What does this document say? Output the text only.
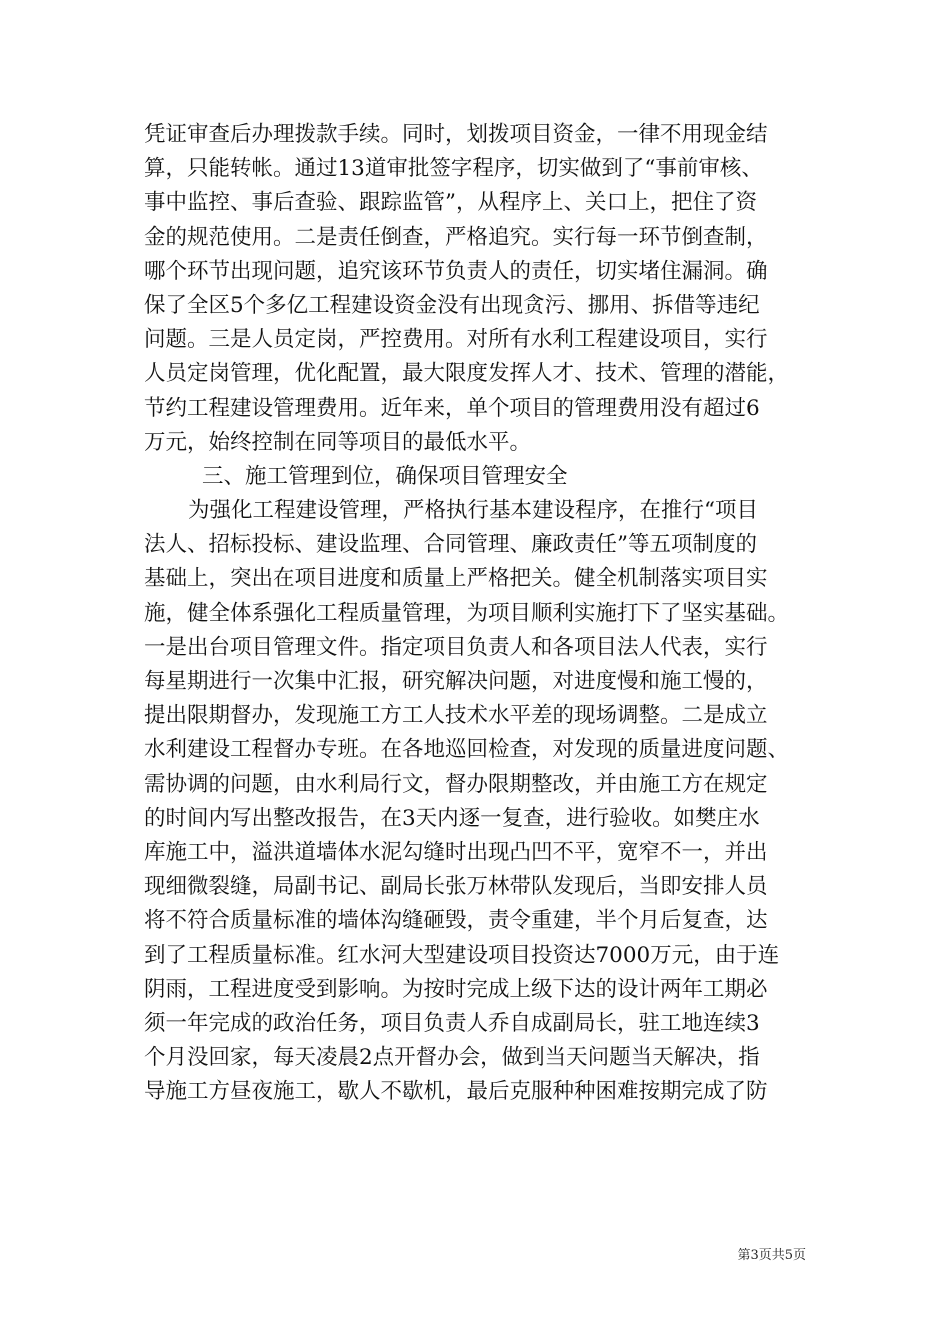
凭证审查后办理拨款手续。同时，划拨项目资金，一律不用现金结
算，只能转帐。通过13道审批签字程序，切实做到了“事前审核、
事中监控、事后查验、跟踪监管”，从程序上、关口上，把住了资
金的规范使用。二是责任倒查，严格追究。实行每一环节倒查制，
哪个环节出现问题，追究该环节负责人的责任，切实堵住漏洞。确
保了全区5个多亿工程建设资金没有出现贪污、挪用、拆借等违纪
问题。三是人员定岗，严控费用。对所有水利工程建设项目，实行
人员定岗管理，优化配置，最大限度发挥人才、技术、管理的潜能，
节约工程建设管理费用。近年来，单个项目的管理费用没有超过6
万元，始终控制在同等项目的最低水平。
三、施工管理到位，确保项目管理安全
为强化工程建设管理，严格执行基本建设程序，在推行“项目
法人、招标投标、建设监理、合同管理、廉政责任”等五项制度的
基础上，突出在项目进度和质量上严格把关。健全机制落实项目实
施，健全体系强化工程质量管理，为项目顺利实施打下了坚实基础。
一是出台项目管理文件。指定项目负责人和各项目法人代表，实行
每星期进行一次集中汇报，研究解决问题，对进度慢和施工慢的，
提出限期督办，发现施工方工人技术水平差的现场调整。二是成立
水利建设工程督办专班。在各地巡回检查，对发现的质量进度问题、
需协调的问题，由水利局行文，督办限期整改，并由施工方在规定
的时间内写出整改报告，在3天内逐一复查，进行验收。如樊庄水
库施工中，溢洪道墙体水泥勾缝时出现凸凹不平，宽窄不一，并出
现细微裂缝，局副书记、副局长张万林带队发现后，当即安排人员
将不符合质量标准的墙体沟缝砸毁，责令重建，半个月后复查，达
到了工程质量标准。红水河大型建设项目投资达7000万元，由于连
阴雨，工程进度受到影响。为按时完成上级下达的设计两年工期必
须一年完成的政治任务，项目负责人乔自成副局长，驻工地连续3
个月没回家，每天凌晨2点开督办会，做到当天问题当天解决，指
导施工方昼夜施工，歇人不歇机，最后克服种种困难按期完成了防
第3页共5页
